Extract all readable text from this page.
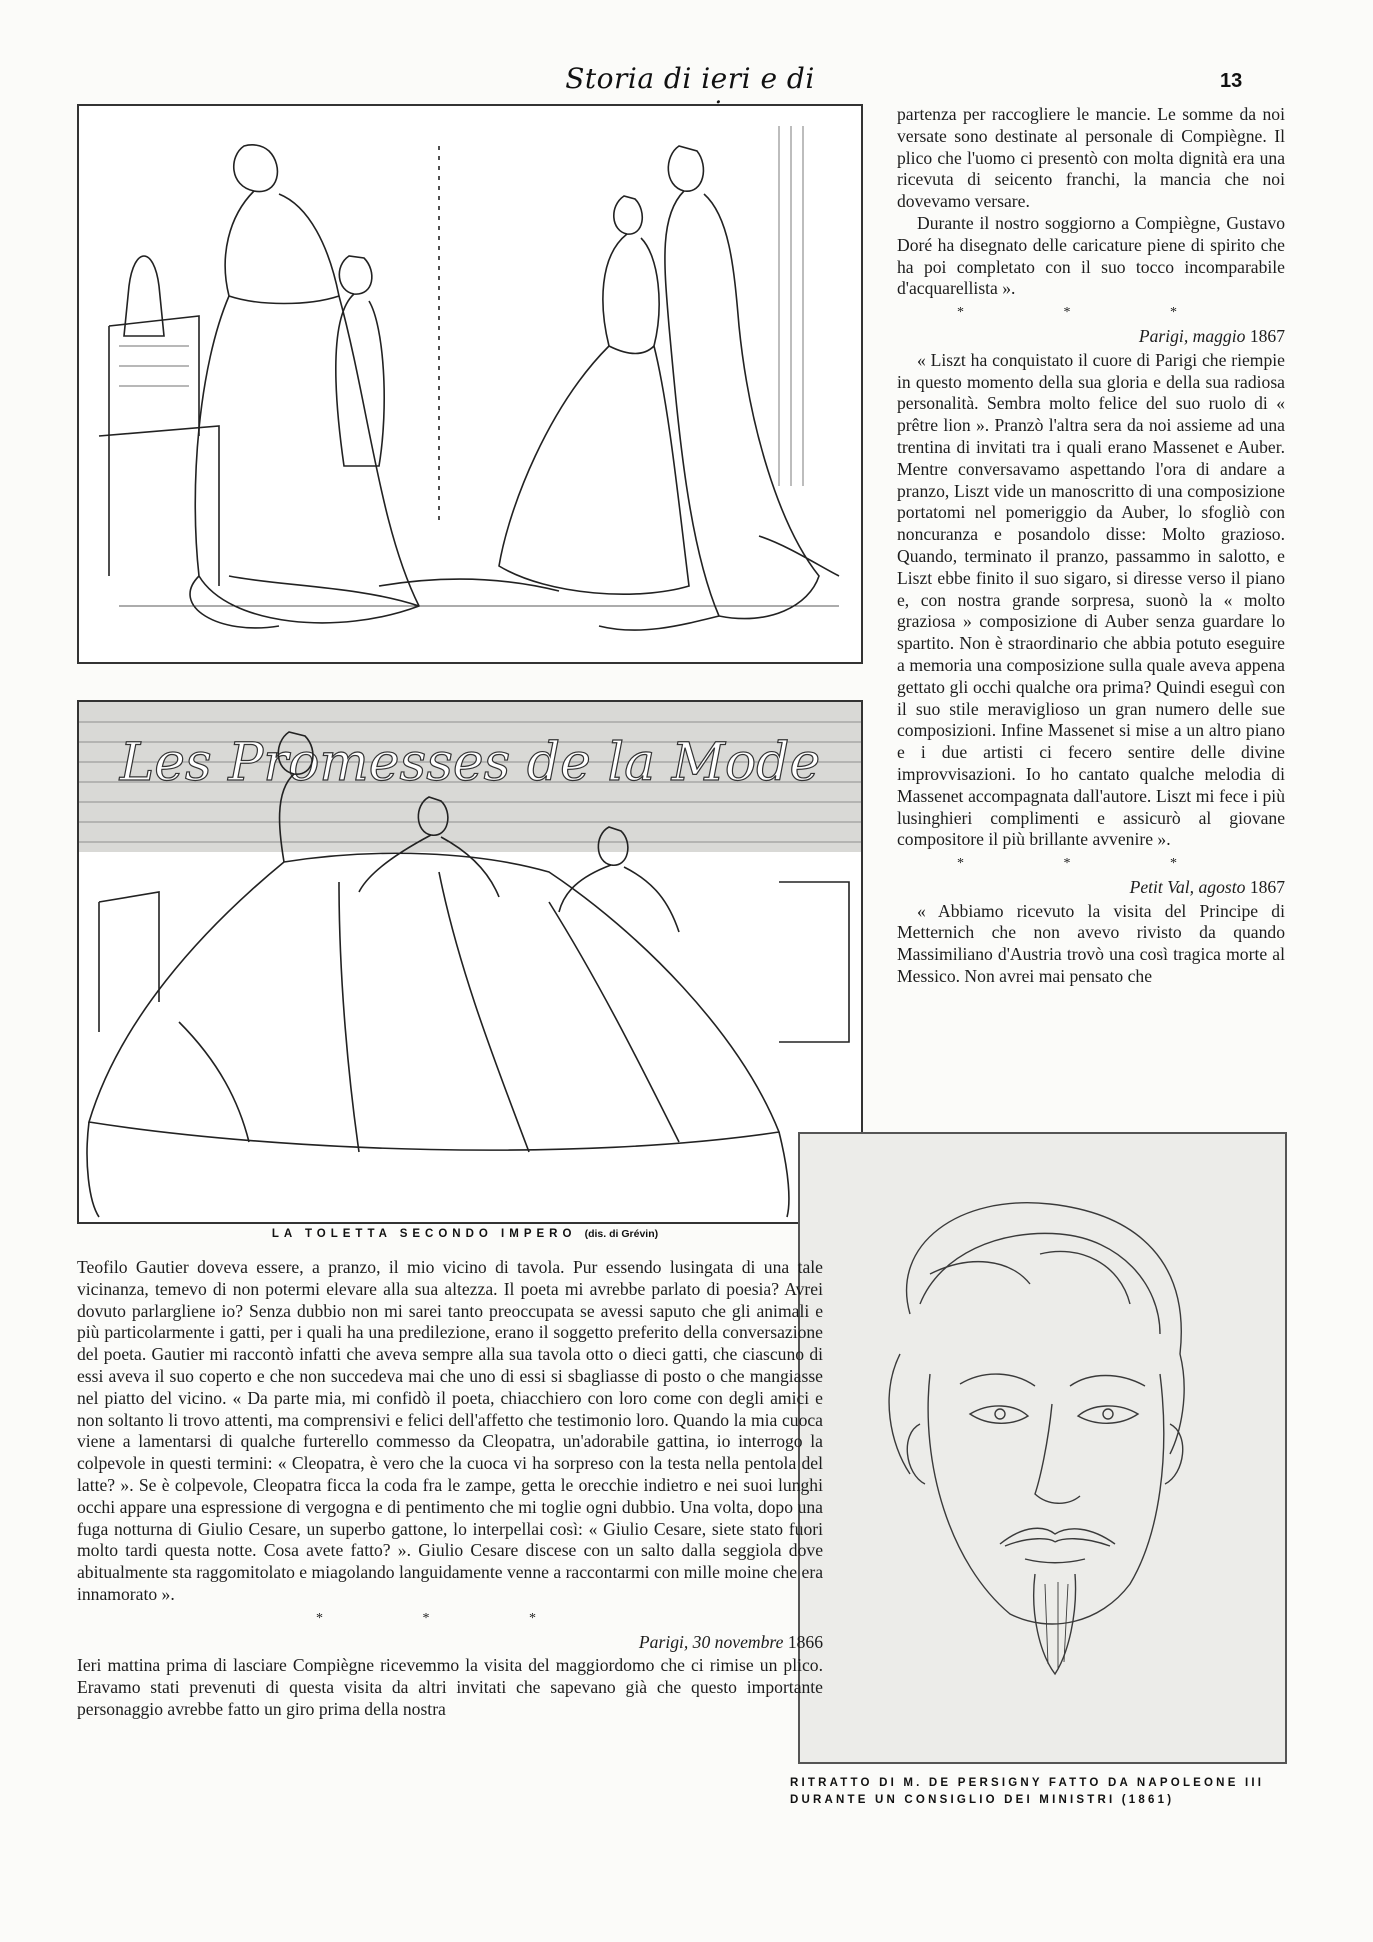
Storia di ieri e di	13
Les Promesses de la Mode
LA TOLETTA SECONDO IMPERO (dis. di Grévin)
RITRATTO DI M. DE PERSIGNY FATTO DA NAPOLEONE III
DURANTE UN CONSIGLIO DEI MINISTRI (1861)

partenza per raccogliere le mancie. Le somme da noi versate sono destinate al personale di Compiègne. Il plico che l'uomo ci presentò con molta dignità era una ricevuta di seicento franchi, la mancia che noi dovevamo versare.

Durante il nostro soggiorno a Compiègne, Gustavo Doré ha disegnato delle caricature piene di spirito che ha poi completato con il suo tocco incomparabile d'acquarellista ».

* * *
Parigi, maggio 1867

« Liszt ha conquistato il cuore di Parigi che riempie in questo momento della sua gloria e della sua radiosa personalità. Sembra molto felice del suo ruolo di « prêtre lion ». Pranzò l'altra sera da noi assieme ad una trentina di invitati tra i quali erano Massenet e Auber. Mentre conversavamo aspettando l'ora di andare a pranzo, Liszt vide un manoscritto di una composizione portatomi nel pomeriggio da Auber, lo sfogliò con noncuranza e posandolo disse: Molto grazioso. Quando, terminato il pranzo, passammo in salotto, e Liszt ebbe finito il suo sigaro, si diresse verso il piano e, con nostra grande sorpresa, suonò la « molto graziosa » composizione di Auber senza guardare lo spartito. Non è straordinario che abbia potuto eseguire a memoria una composizione sulla quale aveva appena gettato gli occhi qualche ora prima? Quindi eseguì con il suo stile meraviglioso un gran numero delle sue composizioni. Infine Massenet si mise a un altro piano e i due artisti ci fecero sentire delle divine improvvisazioni. Io ho cantato qualche melodia di Massenet accompagnata dall'autore. Liszt mi fece i più lusinghieri complimenti e assicurò al giovane compositore il più brillante avvenire ».

* * *
Petit Val, agosto 1867

« Abbiamo ricevuto la visita del Principe di Metternich che non avevo rivisto da quando Massimiliano d'Austria trovò una così tragica morte al Messico. Non avrei mai pensato che

Teofilo Gautier doveva essere, a pranzo, il mio vicino di tavola. Pur essendo lusingata di una tale vicinanza, temevo di non potermi elevare alla sua altezza. Il poeta mi avrebbe parlato di poesia? Avrei dovuto parlargliene io? Senza dubbio non mi sarei tanto preoccupata se avessi saputo che gli animali e più particolarmente i gatti, per i quali ha una predilezione, erano il soggetto preferito della conversazione del poeta. Gautier mi raccontò infatti che aveva sempre alla sua tavola otto o dieci gatti, che ciascuno di essi aveva il suo coperto e che non succedeva mai che uno di essi si sbagliasse di posto o che mangiasse nel piatto del vicino. « Da parte mia, mi confidò il poeta, chiacchiero con loro come con degli amici e non soltanto li trovo attenti, ma comprensivi e felici dell'affetto che testimonio loro. Quando la mia cuoca viene a lamentarsi di qualche furterello commesso da Cleopatra, un'adorabile gattina, io interrogo la colpevole in questi termini: « Cleopatra, è vero che la cuoca vi ha sorpreso con la testa nella pentola del latte? ». Se è colpevole, Cleopatra ficca la coda fra le zampe, getta le orecchie indietro e nei suoi lunghi occhi appare una espressione di vergogna e di pentimento che mi toglie ogni dubbio. Una volta, dopo una fuga notturna di Giulio Cesare, un superbo gattone, lo interpellai così: « Giulio Cesare, siete stato fuori molto tardi questa notte. Cosa avete fatto? ». Giulio Cesare discese con un salto dalla seggiola dove abitualmente sta raggomitolato e miagolando languidamente venne a raccontarmi con mille moine che era innamorato ».

* * *
Parigi, 30 novembre 1866

Ieri mattina prima di lasciare Compiègne ricevemmo la visita del maggiordomo che ci rimise un plico. Eravamo stati prevenuti di questa visita da altri invitati che sapevano già che questo importante personaggio avrebbe fatto un giro prima della nostra
